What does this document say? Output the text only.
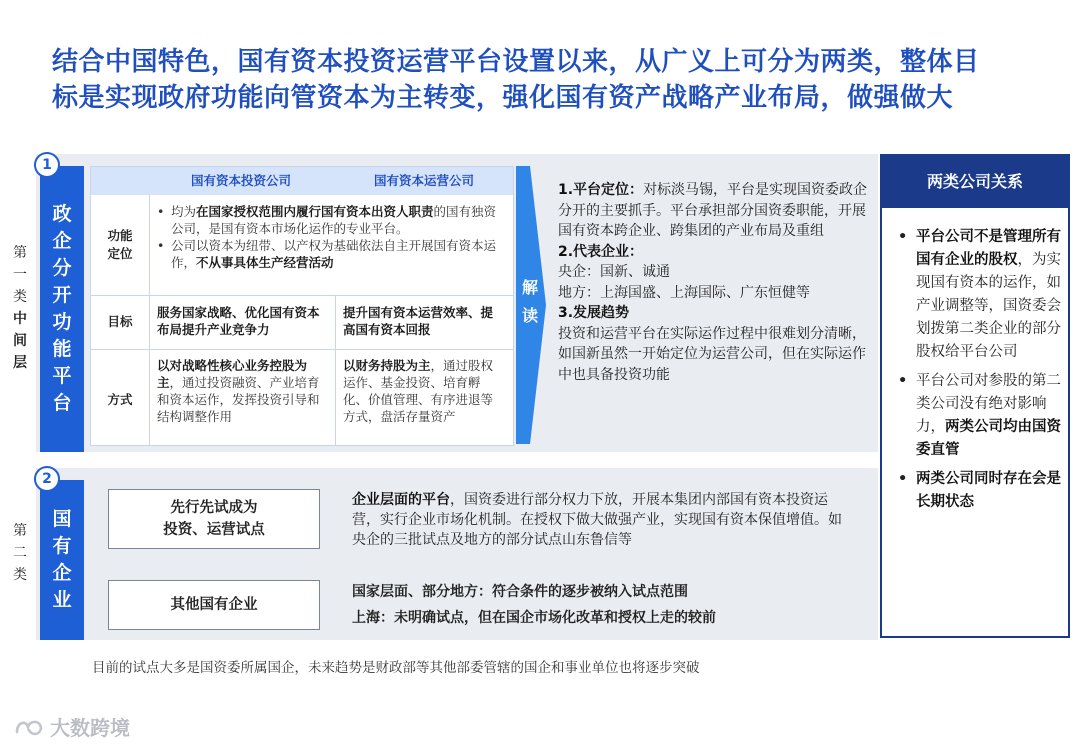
结合中国特色，国有资本投资运营平台设置以来，从广义上可分为两类，整体目
标是实现政府功能向管资本为主转变，强化国有资产战略产业布局，做强做大
政
企
分
开
功
能
平
台
1
第
一
类
中
间
层
国有资本投资公司	国有资本运营公司
功能
定位
• 均为在国家授权范围内履行国有资本出资人职责的国有独资公司，是国有资本市场化运作的专业平台。
• 公司以资本为纽带、以产权为基础依法自主开展国有资本运作，不从事具体生产经营活动
目标
服务国家战略、优化国有资本布局提升产业竞争力
提升国有资本运营效率、提高国有资本回报
方式
以对战略性核心业务控股为主，通过投资融资、产业培育和资本运作，发挥投资引导和结构调整作用
以财务持股为主，通过股权运作、基金投资、培育孵化、价值管理、有序进退等方式，盘活存量资产
解
读

1.平台定位：对标淡马锡，平台是实现国资委政企分开的主要抓手。平台承担部分国资委职能，开展国有资本跨企业、跨集团的产业布局及重组

2.代表企业：

央企：国新、诚通

地方：上海国盛、上海国际、广东恒健等

3.发展趋势

投资和运营平台在实际运作过程中很难划分清晰，如国新虽然一开始定位为运营公司，但在实际运作中也具备投资功能

两类公司关系
• 平台公司不是管理所有国有企业的股权，为实现国有资本的运作，如产业调整等，国资委会划拨第二类企业的部分股权给平台公司
• 平台公司对参股的第二类公司没有绝对影响力，两类公司均由国资委直管
• 两类公司同时存在会是长期状态
国
有
企
业
2
第
二
类
先行先试成为
投资、运营试点
其他国有企业
企业层面的平台，国资委进行部分权力下放，开展本集团内部国有资本投资运营，实行企业市场化机制。在授权下做大做强产业，实现国有资本保值增值。如央企的三批试点及地方的部分试点山东鲁信等
国家层面、部分地方：符合条件的逐步被纳入试点范围
上海：未明确试点，但在国企市场化改革和授权上走的较前
目前的试点大多是国资委所属国企，未来趋势是财政部等其他部委管辖的国企和事业单位也将逐步突破
大数跨境
